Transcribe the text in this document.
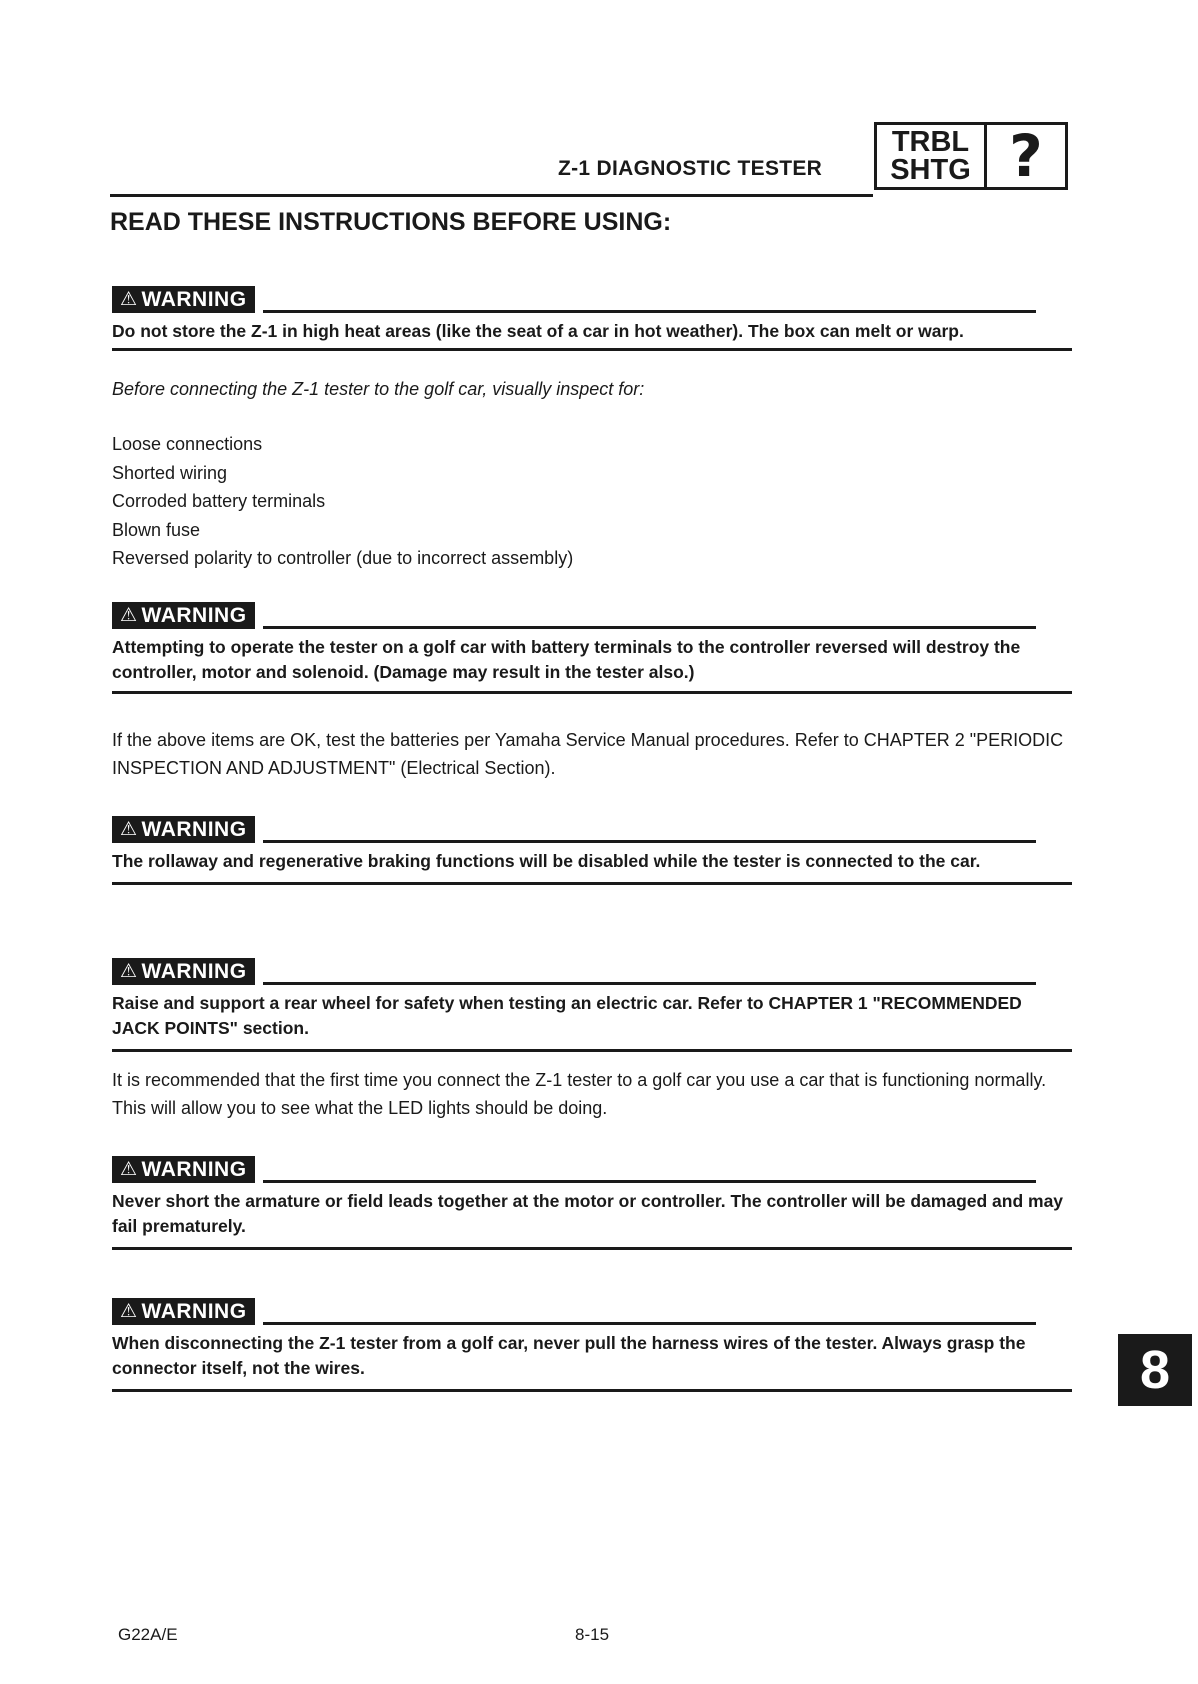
Z-1 DIAGNOSTIC TESTER
TRBL
SHTG ?
READ THESE INSTRUCTIONS BEFORE USING:
⚠ WARNING
Do not store the Z-1 in high heat areas (like the seat of a car in hot weather). The box can melt or warp.
Before connecting the Z-1 tester to the golf car, visually inspect for:
Loose connections
Shorted wiring
Corroded battery terminals
Blown fuse
Reversed polarity to controller (due to incorrect assembly)
⚠ WARNING
Attempting to operate the tester on a golf car with battery terminals to the controller reversed will destroy the controller, motor and solenoid. (Damage may result in the tester also.)
If the above items are OK, test the batteries per Yamaha Service Manual procedures. Refer to CHAPTER 2 "PERIODIC INSPECTION AND ADJUSTMENT" (Electrical Section).
⚠ WARNING
The rollaway and regenerative braking functions will be disabled while the tester is connected to the car.
⚠ WARNING
Raise and support a rear wheel for safety when testing an electric car. Refer to CHAPTER 1 "RECOMMENDED JACK POINTS" section.
It is recommended that the first time you connect the Z-1 tester to a golf car you use a car that is functioning normally. This will allow you to see what the LED lights should be doing.
⚠ WARNING
Never short the armature or field leads together at the motor or controller. The controller will be damaged and may fail prematurely.
⚠ WARNING
When disconnecting the Z-1 tester from a golf car, never pull the harness wires of the tester. Always grasp the connector itself, not the wires.	8
G22A/E	8-15
